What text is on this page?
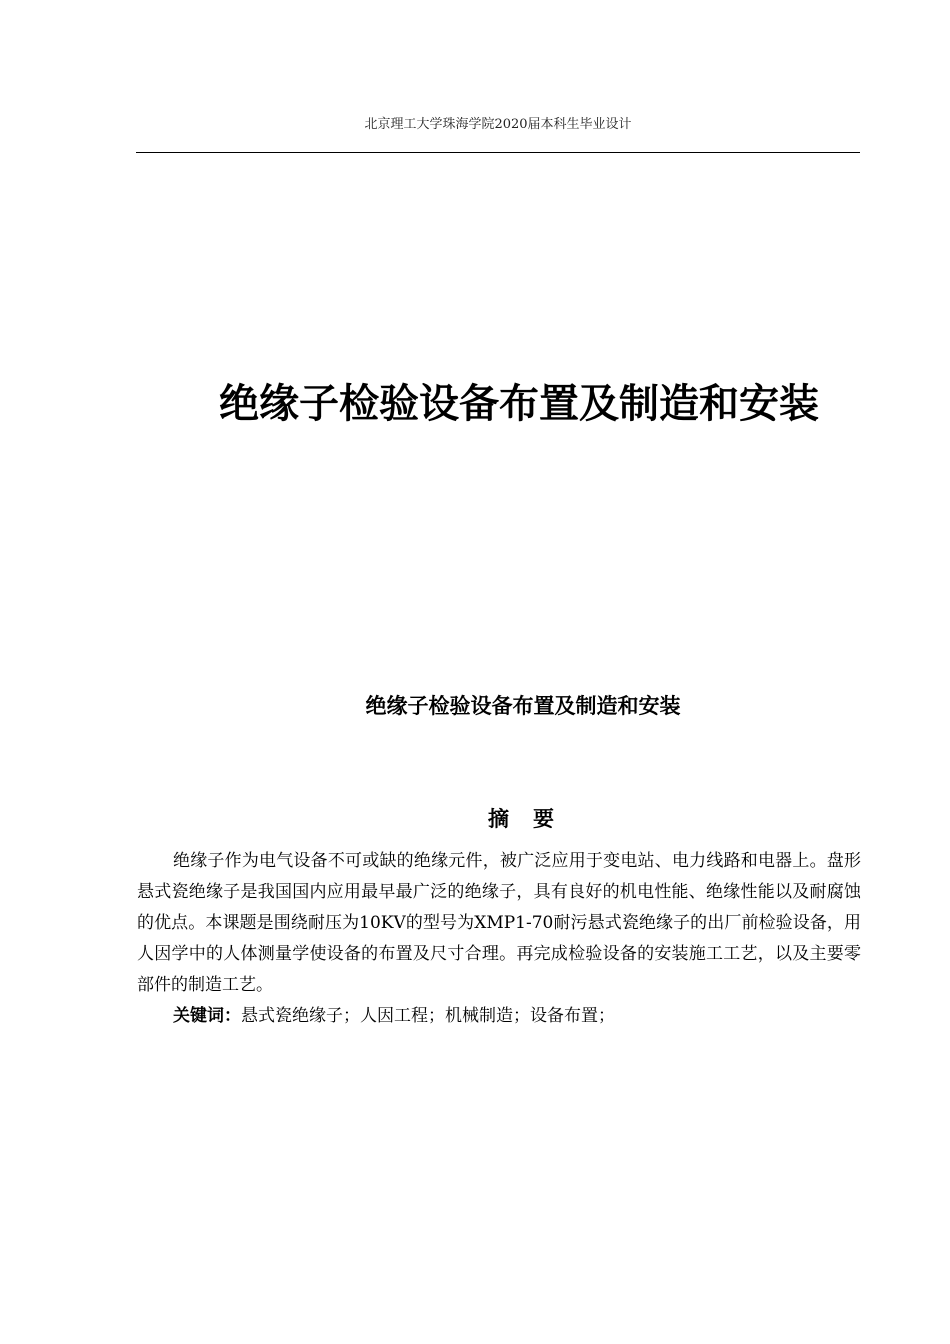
北京理工大学珠海学院2020届本科生毕业设计
绝缘子检验设备布置及制造和安装
绝缘子检验设备布置及制造和安装
摘要

绝缘子作为电气设备不可或缺的绝缘元件，被广泛应用于变电站、电力线路和电器上。盘形悬式瓷绝缘子是我国国内应用最早最广泛的绝缘子，具有良好的机电性能、绝缘性能以及耐腐蚀的优点。本课题是围绕耐压为10KV的型号为XMP1-70耐污悬式瓷绝缘子的出厂前检验设备，用人因学中的人体测量学使设备的布置及尺寸合理。再完成检验设备的安装施工工艺，以及主要零部件的制造工艺。

关键词：悬式瓷绝缘子；人因工程；机械制造；设备布置；
